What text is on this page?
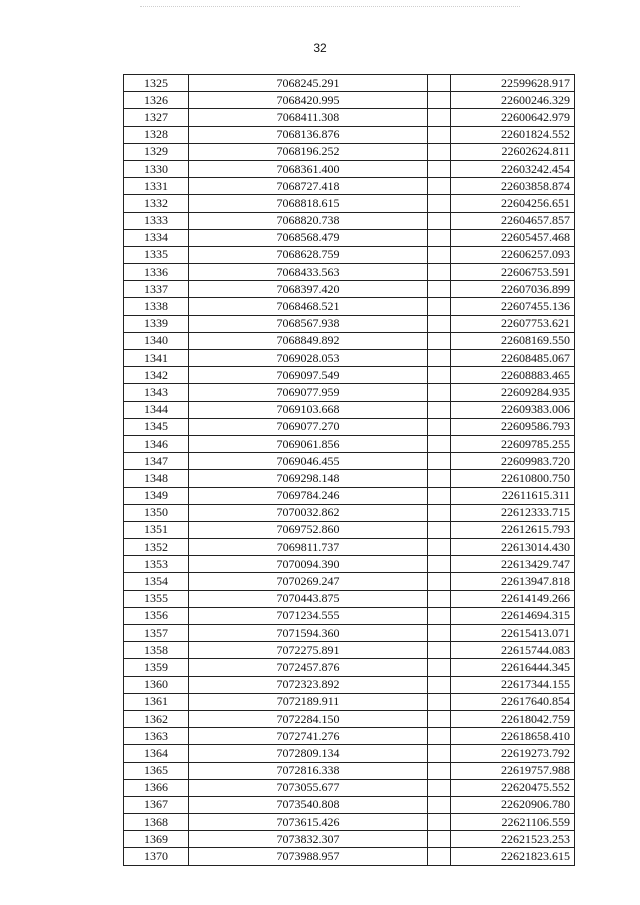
32
1325	7068245.291		22599628.917
1326	7068420.995		22600246.329
1327	7068411.308		22600642.979
1328	7068136.876		22601824.552
1329	7068196.252		22602624.811
1330	7068361.400		22603242.454
1331	7068727.418		22603858.874
1332	7068818.615		22604256.651
1333	7068820.738		22604657.857
1334	7068568.479		22605457.468
1335	7068628.759		22606257.093
1336	7068433.563		22606753.591
1337	7068397.420		22607036.899
1338	7068468.521		22607455.136
1339	7068567.938		22607753.621
1340	7068849.892		22608169.550
1341	7069028.053		22608485.067
1342	7069097.549		22608883.465
1343	7069077.959		22609284.935
1344	7069103.668		22609383.006
1345	7069077.270		22609586.793
1346	7069061.856		22609785.255
1347	7069046.455		22609983.720
1348	7069298.148		22610800.750
1349	7069784.246		22611615.311
1350	7070032.862		22612333.715
1351	7069752.860		22612615.793
1352	7069811.737		22613014.430
1353	7070094.390		22613429.747
1354	7070269.247		22613947.818
1355	7070443.875		22614149.266
1356	7071234.555		22614694.315
1357	7071594.360		22615413.071
1358	7072275.891		22615744.083
1359	7072457.876		22616444.345
1360	7072323.892		22617344.155
1361	7072189.911		22617640.854
1362	7072284.150		22618042.759
1363	7072741.276		22618658.410
1364	7072809.134		22619273.792
1365	7072816.338		22619757.988
1366	7073055.677		22620475.552
1367	7073540.808		22620906.780
1368	7073615.426		22621106.559
1369	7073832.307		22621523.253
1370	7073988.957		22621823.615
